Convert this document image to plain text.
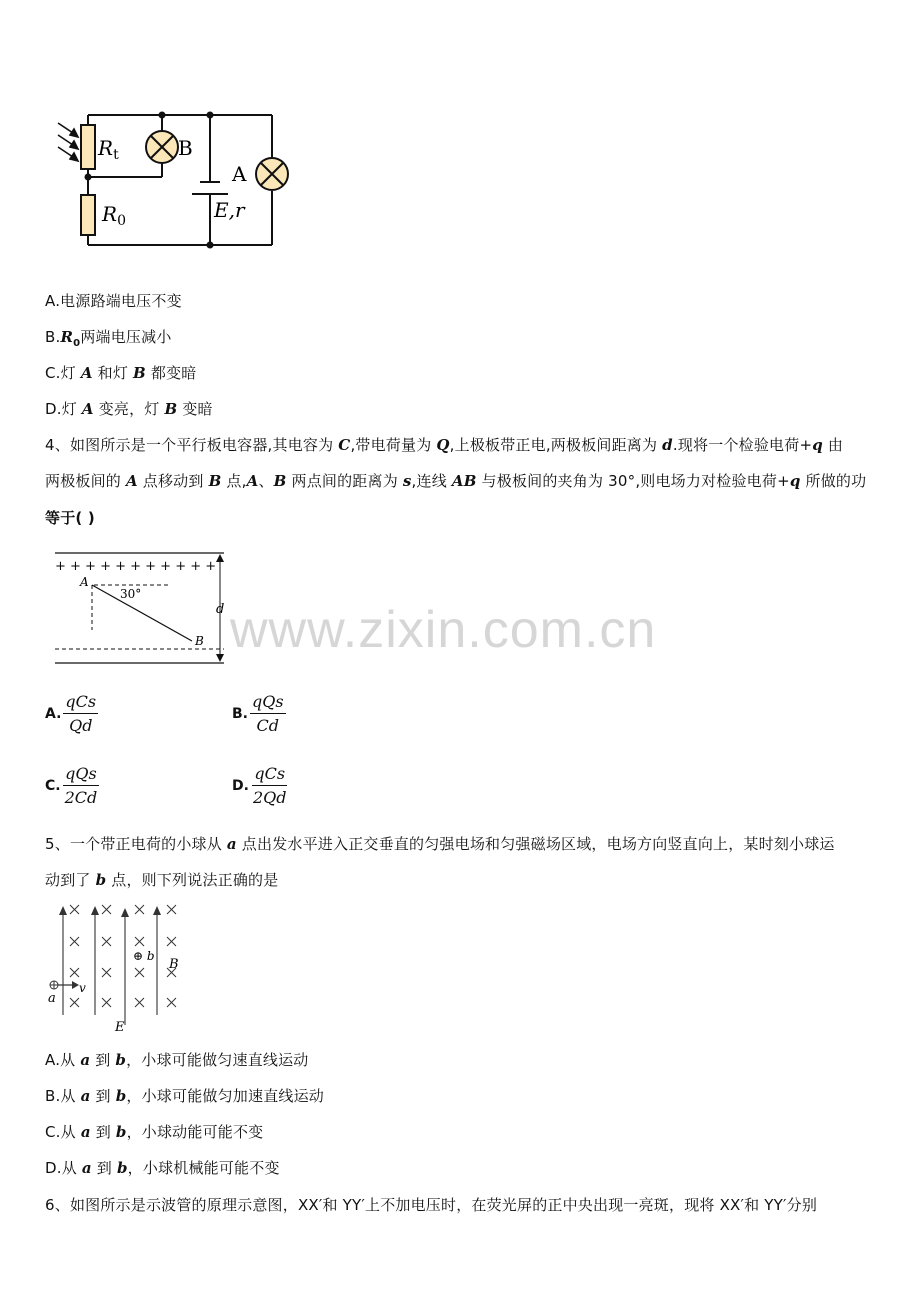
$R_t$
$R_0$
B
A
E,r
A.电源路端电压不变
$B.R_0$两端电压减小
C.灯 A 和灯 B 都变暗
D.灯 A 变亮，灯 B 变暗
4、如图所示是一个平行板电容器,其电容为 C,带电荷量为 Q,上极板带正电,两极板间距离为 d.现将一个检验电荷+q 由
两极板间的 A 点移动到 B 点,A、B 两点间的距离为 s,连线 AB 与极板间的夹角为 30°,则电场力对检验电荷+q 所做的功
等于( )
+ + + + + + + + + + +
A
30°
d
B www.zixin.com.cn
A. $\frac{\text{qCs}}{Qd}$	B. $\frac{\text{qQs}}{Cd}$
C. $\frac{\text{qQs}}{2Cd}$	D. $\frac{\text{qCs}}{2Qd}$
5、一个带正电荷的小球从 a 点出发水平进入正交垂直的匀强电场和匀强磁场区域，电场方向竖直向上，某时刻小球运
动到了 b 点，则下列说法正确的是
⊕ b
B
a
v
E
A.从 a 到 b，小球可能做匀速直线运动
B.从 a 到 b，小球可能做匀加速直线运动
C.从 a 到 b，小球动能可能不变
D.从 a 到 b，小球机械能可能不变
6、如图所示是示波管的原理示意图，XX′和 YY′上不加电压时，在荧光屏的正中央出现一亮斑，现将 XX′和 YY′分别
